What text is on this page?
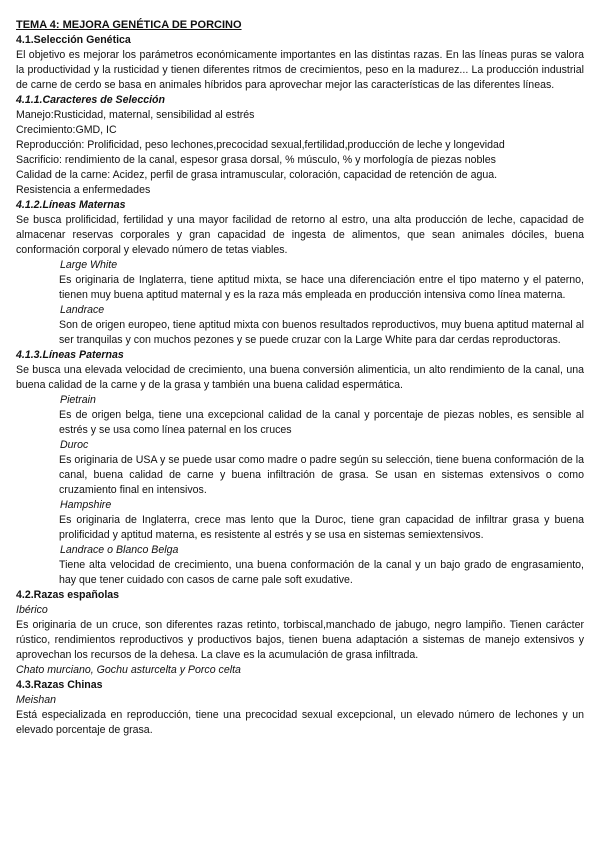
TEMA 4: MEJORA GENÉTICA DE PORCINO
4.1.Selección Genética
El objetivo es mejorar los parámetros económicamente importantes en las distintas razas. En las líneas puras se valora la productividad y la rusticidad y tienen diferentes ritmos de crecimientos, peso en la madurez... La producción industrial de carne de cerdo se basa en animales híbridos para aprovechar mejor las características de las diferentes líneas.
4.1.1.Caracteres de Selección
Manejo:Rusticidad, maternal, sensibilidad al estrés
Crecimiento:GMD, IC
Reproducción: Prolificidad, peso lechones,precocidad sexual,fertilidad,producción de leche y longevidad
Sacrificio: rendimiento de la canal, espesor grasa dorsal, % músculo, % y morfología de piezas nobles
Calidad de la carne: Acidez, perfil de grasa intramuscular, coloración, capacidad de retención de agua.
Resistencia a enfermedades
4.1.2.Líneas Maternas
Se busca prolificidad, fertilidad y una mayor facilidad de retorno al estro, una alta producción de leche, capacidad de almacenar reservas corporales y gran capacidad de ingesta de alimentos, que sean animales dóciles, buena conformación corporal y elevado número de tetas viables.
Large White
Es originaria de Inglaterra, tiene aptitud mixta, se hace una diferenciación entre el tipo materno y el paterno, tienen muy buena aptitud maternal y es la raza más empleada en producción intensiva como línea materna.
Landrace
Son de origen europeo, tiene aptitud mixta con buenos resultados reproductivos, muy buena aptitud maternal al ser tranquilas y con muchos pezones y se puede cruzar con la Large White para dar cerdas reproductoras.
4.1.3.Líneas Paternas
Se busca una elevada velocidad de crecimiento, una buena conversión alimenticia, un alto rendimiento de la canal, una buena calidad de la carne y de la grasa y también una buena calidad espermática.
Pietrain
Es de origen belga, tiene una excepcional calidad de la canal y porcentaje de piezas nobles, es sensible al estrés y se usa como línea paternal en los cruces
Duroc
Es originaria de USA y se puede usar como madre o padre según su selección, tiene buena conformación de la canal, buena calidad de carne y buena infiltración de grasa. Se usan en sistemas extensivos o como cruzamiento final en intensivos.
Hampshire
Es originaria de Inglaterra, crece mas lento que la Duroc, tiene gran capacidad de infiltrar grasa y buena prolificidad y aptitud materna, es resistente al estrés y se usa en sistemas semiextensivos.
Landrace o Blanco Belga
Tiene alta velocidad de crecimiento, una buena conformación de la canal y un bajo grado de engrasamiento, hay que tener cuidado con casos de carne pale soft exudative.
4.2.Razas españolas
Ibérico
Es originaria de un cruce, son diferentes razas retinto, torbiscal,manchado de jabugo, negro lampiño. Tienen carácter rústico, rendimientos reproductivos y productivos bajos, tienen buena adaptación a sistemas de manejo extensivos y aprovechan los recursos de la dehesa. La clave es la acumulación de grasa infiltrada.
Chato murciano, Gochu asturcelta y Porco celta
4.3.Razas Chinas
Meishan
Está especializada en reproducción, tiene una precocidad sexual excepcional, un elevado número de lechones y un elevado porcentaje de grasa.
